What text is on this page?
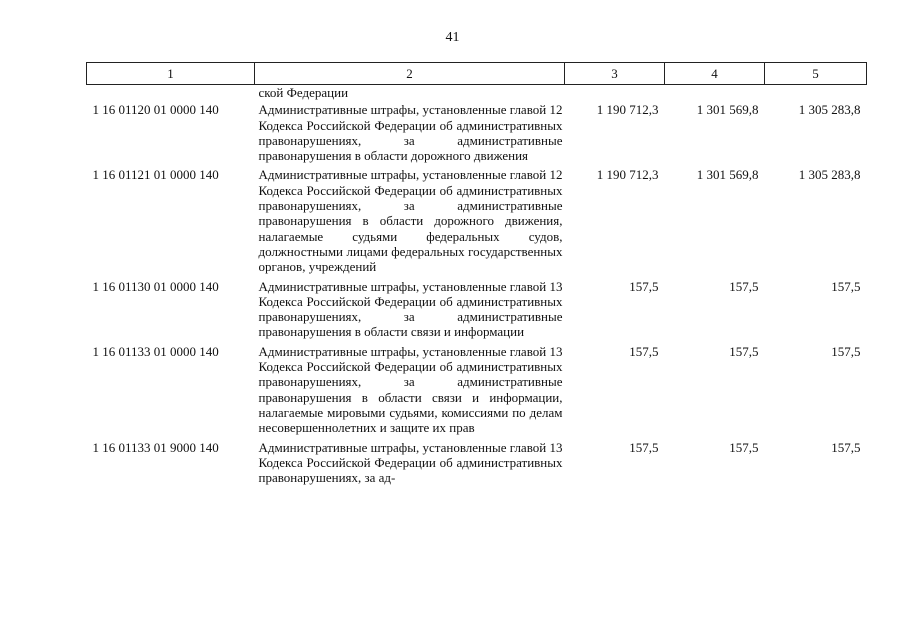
41
1	2	3	4	5
	ской Федерации			
1 16 01120 01 0000 140	Административные штрафы, установленные главой 12 Кодекса Российской Федерации об административных правонарушениях, за административные правонарушения в области дорожного движения	1 190 712,3	1 301 569,8	1 305 283,8
1 16 01121 01 0000 140	Административные штрафы, установленные главой 12 Кодекса Российской Федерации об административных правонарушениях, за административные правонарушения в области дорожного движения, налагаемые судьями федеральных судов, должностными лицами федеральных государственных органов, учреждений	1 190 712,3	1 301 569,8	1 305 283,8
1 16 01130 01 0000 140	Административные штрафы, установленные главой 13 Кодекса Российской Федерации об административных правонарушениях, за административные правонарушения в области связи и информации	157,5	157,5	157,5
1 16 01133 01 0000 140	Административные штрафы, установленные главой 13 Кодекса Российской Федерации об административных правонарушениях, за административные правонарушения в области связи и информации, налагаемые мировыми судьями, комиссиями по делам несовершеннолетних и защите их прав	157,5	157,5	157,5
1 16 01133 01 9000 140	Административные штрафы, установленные главой 13 Кодекса Российской Федерации об административных правонарушениях, за ад-	157,5	157,5	157,5
